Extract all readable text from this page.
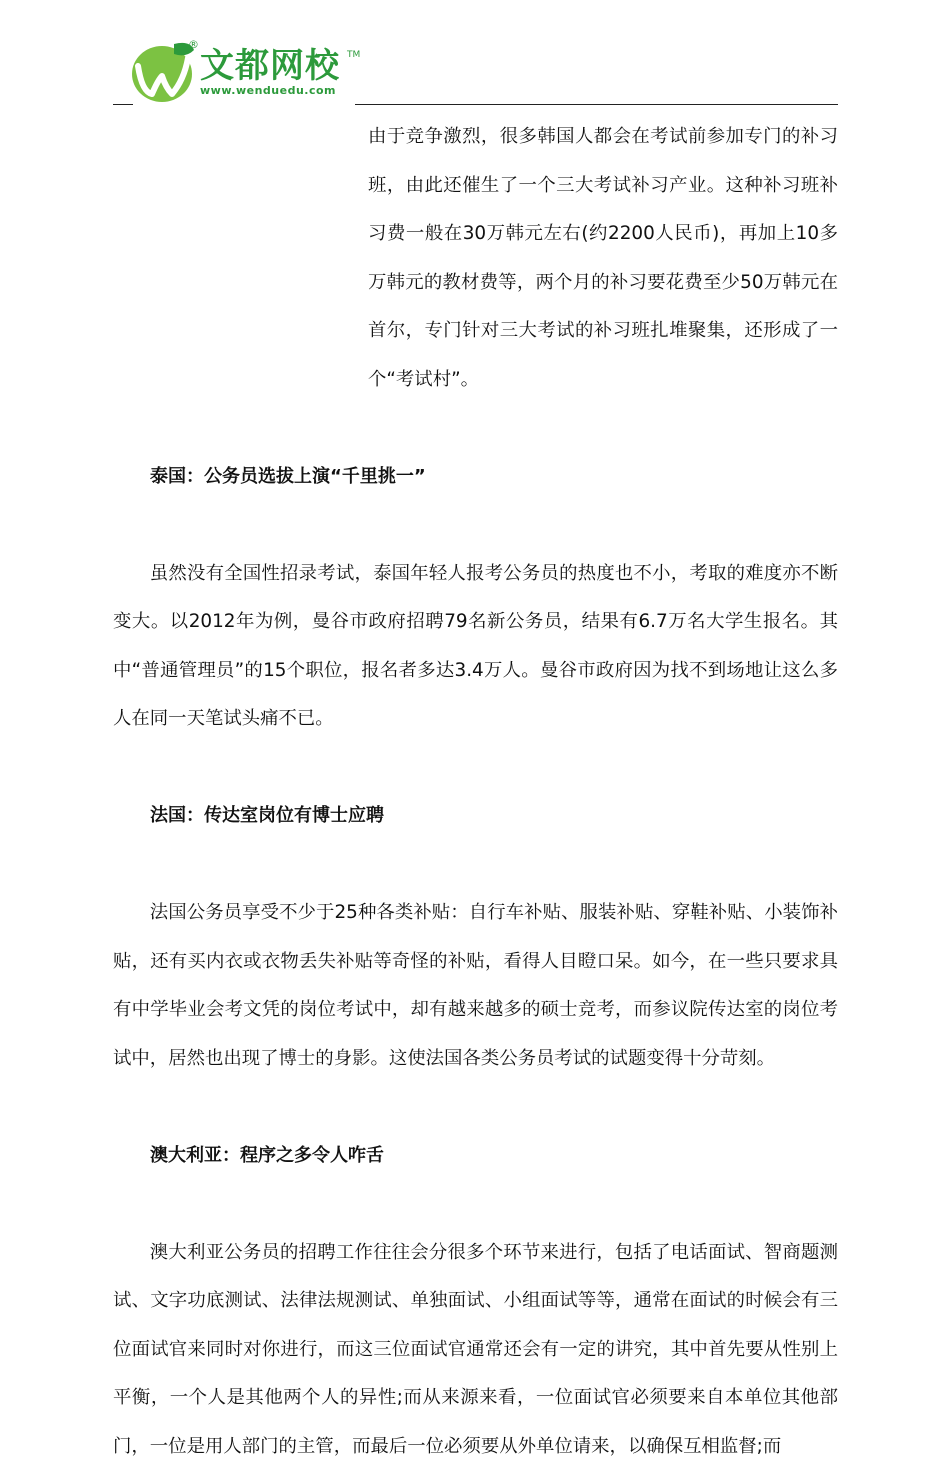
®
文都网校 TM
www.wenduedu.com

由于竞争激烈，很多韩国人都会在考试前参加专门的补习班，由此还催生了一个三大考试补习产业。这种补习班补习费一般在30万韩元左右(约2200人民币)，再加上10多万韩元的教材费等，两个月的补习要花费至少50万韩元在首尔，专门针对三大考试的补习班扎堆聚集，还形成了一个“考试村”。

泰国：公务员选拔上演“千里挑一”

虽然没有全国性招录考试，泰国年轻人报考公务员的热度也不小，考取的难度亦不断变大。以2012年为例，曼谷市政府招聘79名新公务员，结果有6.7万名大学生报名。其中“普通管理员”的15个职位，报名者多达3.4万人。曼谷市政府因为找不到场地让这么多人在同一天笔试头痛不已。

法国：传达室岗位有博士应聘

法国公务员享受不少于25种各类补贴：自行车补贴、服装补贴、穿鞋补贴、小装饰补贴，还有买内衣或衣物丢失补贴等奇怪的补贴，看得人目瞪口呆。如今，在一些只要求具有中学毕业会考文凭的岗位考试中，却有越来越多的硕士竞考，而参议院传达室的岗位考试中，居然也出现了博士的身影。这使法国各类公务员考试的试题变得十分苛刻。

澳大利亚：程序之多令人咋舌

澳大利亚公务员的招聘工作往往会分很多个环节来进行，包括了电话面试、智商题测试、文字功底测试、法律法规测试、单独面试、小组面试等等，通常在面试的时候会有三位面试官来同时对你进行，而这三位面试官通常还会有一定的讲究，其中首先要从性别上平衡，一个人是其他两个人的异性;而从来源来看，一位面试官必须要来自本单位其他部门，一位是用人部门的主管，而最后一位必须要从外单位请来，以确保互相监督;而
